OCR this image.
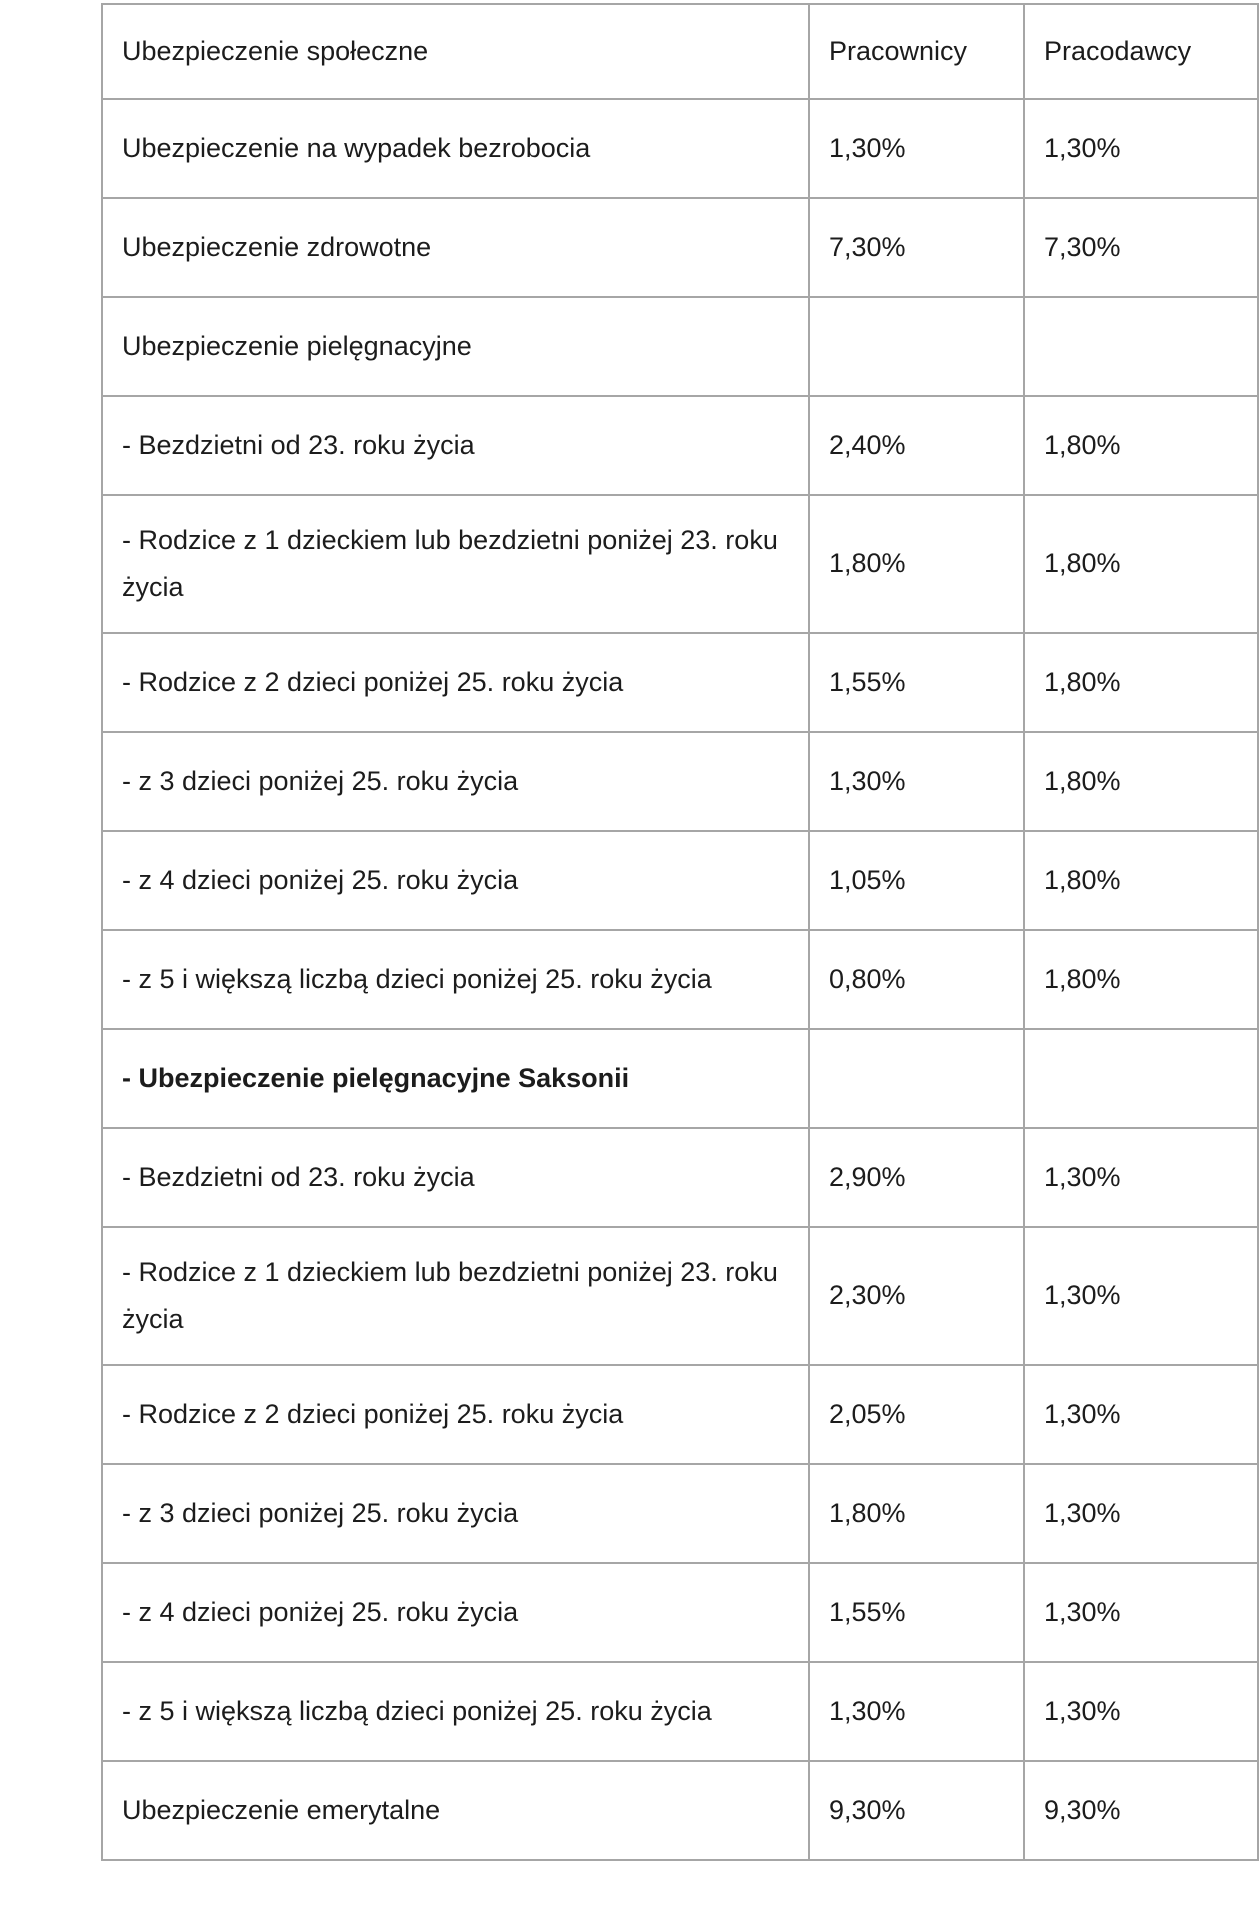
Ubezpieczenie społeczne	Pracownicy	Pracodawcy
Ubezpieczenie na wypadek bezrobocia	1,30%	1,30%
Ubezpieczenie zdrowotne	7,30%	7,30%
Ubezpieczenie pielęgnacyjne		
- Bezdzietni od 23. roku życia	2,40%	1,80%
- Rodzice z 1 dzieckiem lub bezdzietni poniżej 23. roku życia	1,80%	1,80%
- Rodzice z 2 dzieci poniżej 25. roku życia	1,55%	1,80%
- z 3 dzieci poniżej 25. roku życia	1,30%	1,80%
- z 4 dzieci poniżej 25. roku życia	1,05%	1,80%
- z 5 i większą liczbą dzieci poniżej 25. roku życia	0,80%	1,80%
- Ubezpieczenie pielęgnacyjne Saksonii		
- Bezdzietni od 23. roku życia	2,90%	1,30%
- Rodzice z 1 dzieckiem lub bezdzietni poniżej 23. roku życia	2,30%	1,30%
- Rodzice z 2 dzieci poniżej 25. roku życia	2,05%	1,30%
- z 3 dzieci poniżej 25. roku życia	1,80%	1,30%
- z 4 dzieci poniżej 25. roku życia	1,55%	1,30%
- z 5 i większą liczbą dzieci poniżej 25. roku życia	1,30%	1,30%
Ubezpieczenie emerytalne	9,30%	9,30%
